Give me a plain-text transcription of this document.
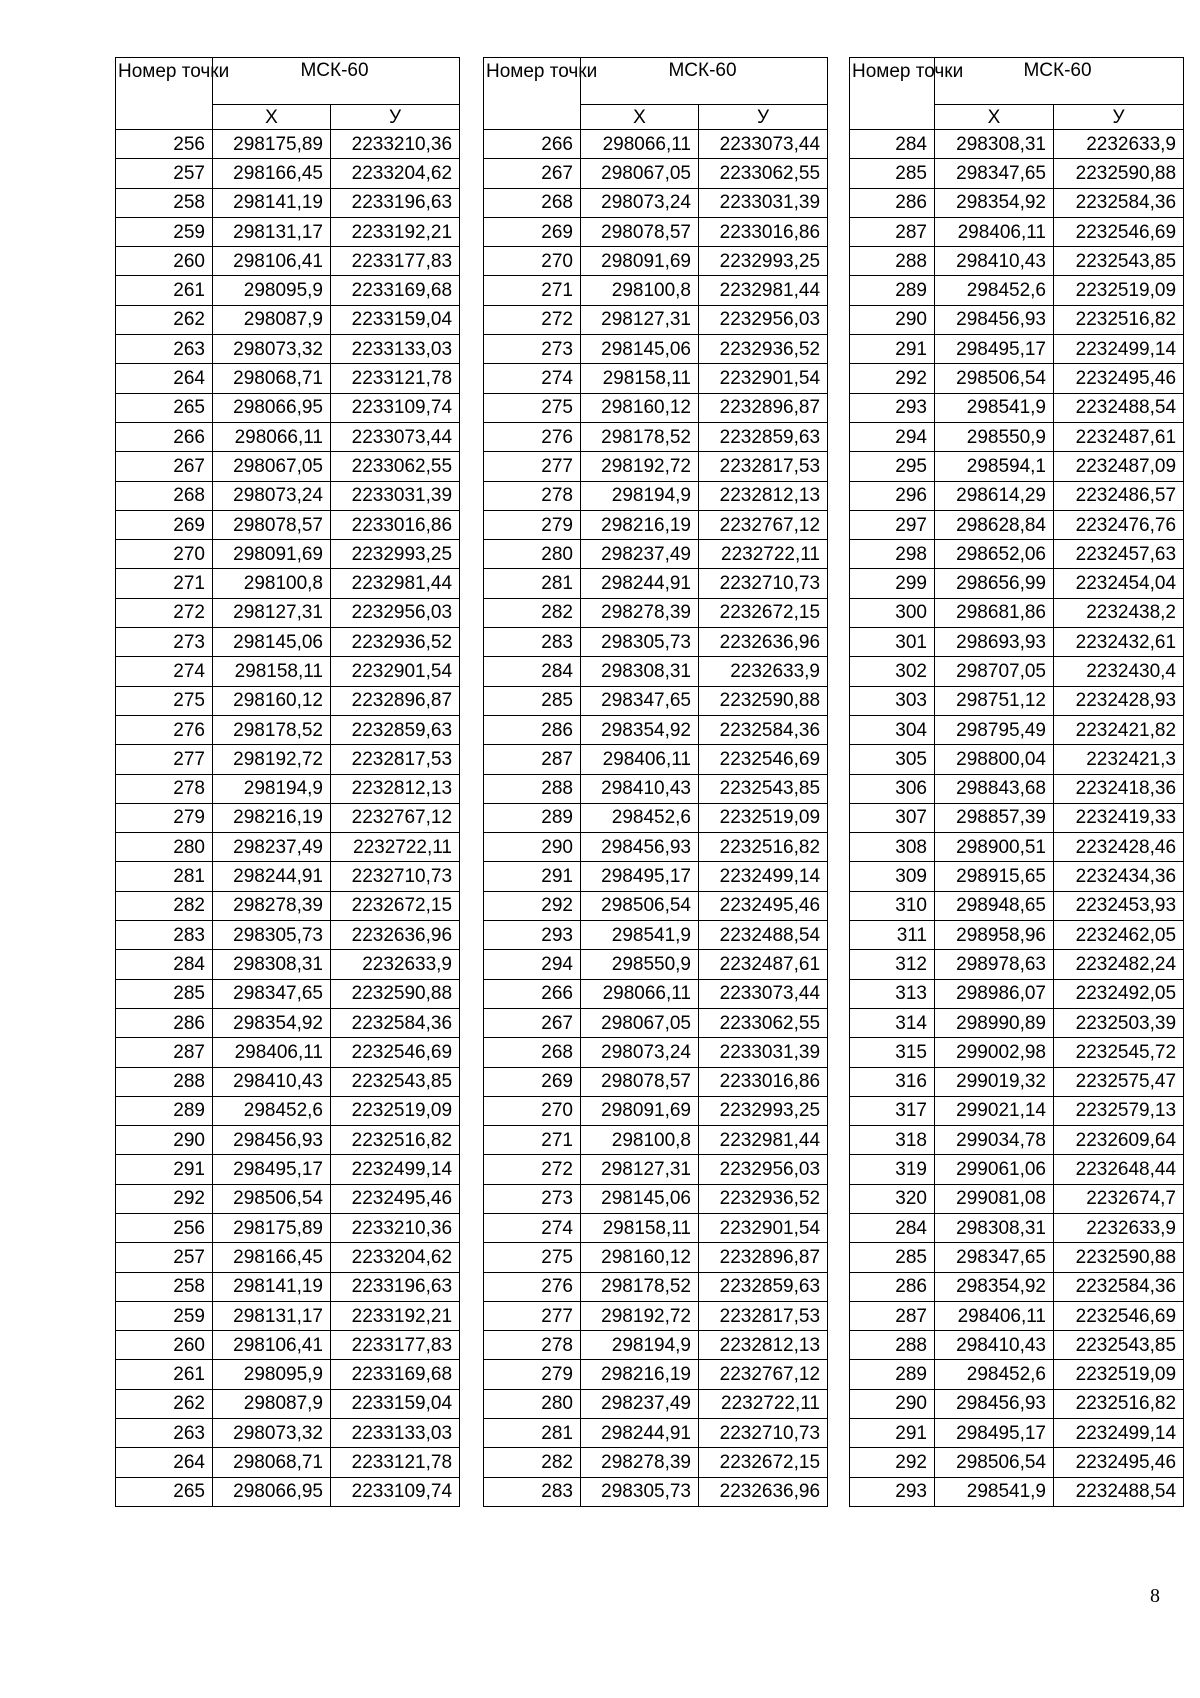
Номер точки	МСК-60	
	X	У
256	298175,89	2233210,36
257	298166,45	2233204,62
258	298141,19	2233196,63
259	298131,17	2233192,21
260	298106,41	2233177,83
261	298095,9	2233169,68
262	298087,9	2233159,04
263	298073,32	2233133,03
264	298068,71	2233121,78
265	298066,95	2233109,74
266	298066,11	2233073,44
267	298067,05	2233062,55
268	298073,24	2233031,39
269	298078,57	2233016,86
270	298091,69	2232993,25
271	298100,8	2232981,44
272	298127,31	2232956,03
273	298145,06	2232936,52
274	298158,11	2232901,54
275	298160,12	2232896,87
276	298178,52	2232859,63
277	298192,72	2232817,53
278	298194,9	2232812,13
279	298216,19	2232767,12
280	298237,49	2232722,11
281	298244,91	2232710,73
282	298278,39	2232672,15
283	298305,73	2232636,96
284	298308,31	2232633,9
285	298347,65	2232590,88
286	298354,92	2232584,36
287	298406,11	2232546,69
288	298410,43	2232543,85
289	298452,6	2232519,09
290	298456,93	2232516,82
291	298495,17	2232499,14
292	298506,54	2232495,46
256	298175,89	2233210,36
257	298166,45	2233204,62
258	298141,19	2233196,63
259	298131,17	2233192,21
260	298106,41	2233177,83
261	298095,9	2233169,68
262	298087,9	2233159,04
263	298073,32	2233133,03
264	298068,71	2233121,78
265	298066,95	2233109,74
Номер точки	МСК-60	
	X	У
266	298066,11	2233073,44
267	298067,05	2233062,55
268	298073,24	2233031,39
269	298078,57	2233016,86
270	298091,69	2232993,25
271	298100,8	2232981,44
272	298127,31	2232956,03
273	298145,06	2232936,52
274	298158,11	2232901,54
275	298160,12	2232896,87
276	298178,52	2232859,63
277	298192,72	2232817,53
278	298194,9	2232812,13
279	298216,19	2232767,12
280	298237,49	2232722,11
281	298244,91	2232710,73
282	298278,39	2232672,15
283	298305,73	2232636,96
284	298308,31	2232633,9
285	298347,65	2232590,88
286	298354,92	2232584,36
287	298406,11	2232546,69
288	298410,43	2232543,85
289	298452,6	2232519,09
290	298456,93	2232516,82
291	298495,17	2232499,14
292	298506,54	2232495,46
293	298541,9	2232488,54
294	298550,9	2232487,61
266	298066,11	2233073,44
267	298067,05	2233062,55
268	298073,24	2233031,39
269	298078,57	2233016,86
270	298091,69	2232993,25
271	298100,8	2232981,44
272	298127,31	2232956,03
273	298145,06	2232936,52
274	298158,11	2232901,54
275	298160,12	2232896,87
276	298178,52	2232859,63
277	298192,72	2232817,53
278	298194,9	2232812,13
279	298216,19	2232767,12
280	298237,49	2232722,11
281	298244,91	2232710,73
282	298278,39	2232672,15
283	298305,73	2232636,96
Номер точки	МСК-60	
	X	У
284	298308,31	2232633,9
285	298347,65	2232590,88
286	298354,92	2232584,36
287	298406,11	2232546,69
288	298410,43	2232543,85
289	298452,6	2232519,09
290	298456,93	2232516,82
291	298495,17	2232499,14
292	298506,54	2232495,46
293	298541,9	2232488,54
294	298550,9	2232487,61
295	298594,1	2232487,09
296	298614,29	2232486,57
297	298628,84	2232476,76
298	298652,06	2232457,63
299	298656,99	2232454,04
300	298681,86	2232438,2
301	298693,93	2232432,61
302	298707,05	2232430,4
303	298751,12	2232428,93
304	298795,49	2232421,82
305	298800,04	2232421,3
306	298843,68	2232418,36
307	298857,39	2232419,33
308	298900,51	2232428,46
309	298915,65	2232434,36
310	298948,65	2232453,93
311	298958,96	2232462,05
312	298978,63	2232482,24
313	298986,07	2232492,05
314	298990,89	2232503,39
315	299002,98	2232545,72
316	299019,32	2232575,47
317	299021,14	2232579,13
318	299034,78	2232609,64
319	299061,06	2232648,44
320	299081,08	2232674,7
284	298308,31	2232633,9
285	298347,65	2232590,88
286	298354,92	2232584,36
287	298406,11	2232546,69
288	298410,43	2232543,85
289	298452,6	2232519,09
290	298456,93	2232516,82
291	298495,17	2232499,14
292	298506,54	2232495,46
293	298541,9	2232488,54
8
